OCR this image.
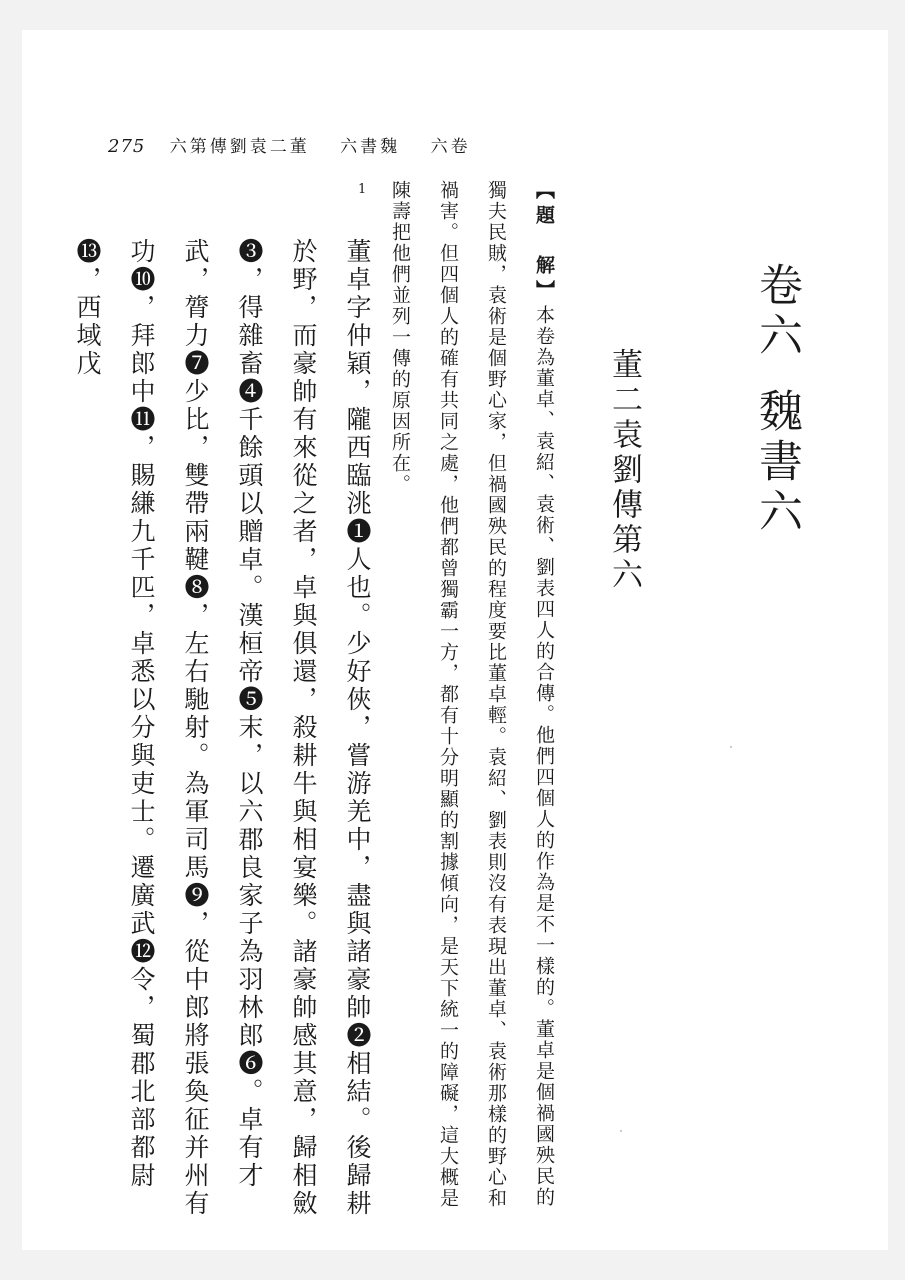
275 六第傳劉袁二董 六書魏 六卷
卷六魏書六
董二袁劉傳第六

【題　解】本卷為董卓、袁紹、袁術、劉表四人的合傳。他們四個人的作為是不一樣的。董卓是個禍國殃民的獨夫民賊，袁術是個野心家，但禍國殃民的程度要比董卓輕。袁紹、劉表則沒有表現出董卓、袁術那樣的野心和禍害。但四個人的確有共同之處，他們都曾獨霸一方，都有十分明顯的割據傾向，是天下統一的障礙，這大概是陳壽把他們並列一傳的原因所在。

1

董卓字仲穎，隴西臨洮❶人也。少好俠，嘗游羌中，盡與諸豪帥❷相結。後歸耕於野，而豪帥有來從之者，卓與俱還，殺耕牛與相宴樂。諸豪帥感其意，歸相斂❸，得雜畜❹千餘頭以贈卓。漢桓帝❺末，以六郡良家子為羽林郎❻。卓有才武，膂力❼少比，雙帶兩鞬❽，左右馳射。為軍司馬❾，從中郎將張奐征并州有功❿，拜郎中⓫，賜縑九千匹，卓悉以分與吏士。遷廣武⓬令，蜀郡北部都尉⓭，西域戊
